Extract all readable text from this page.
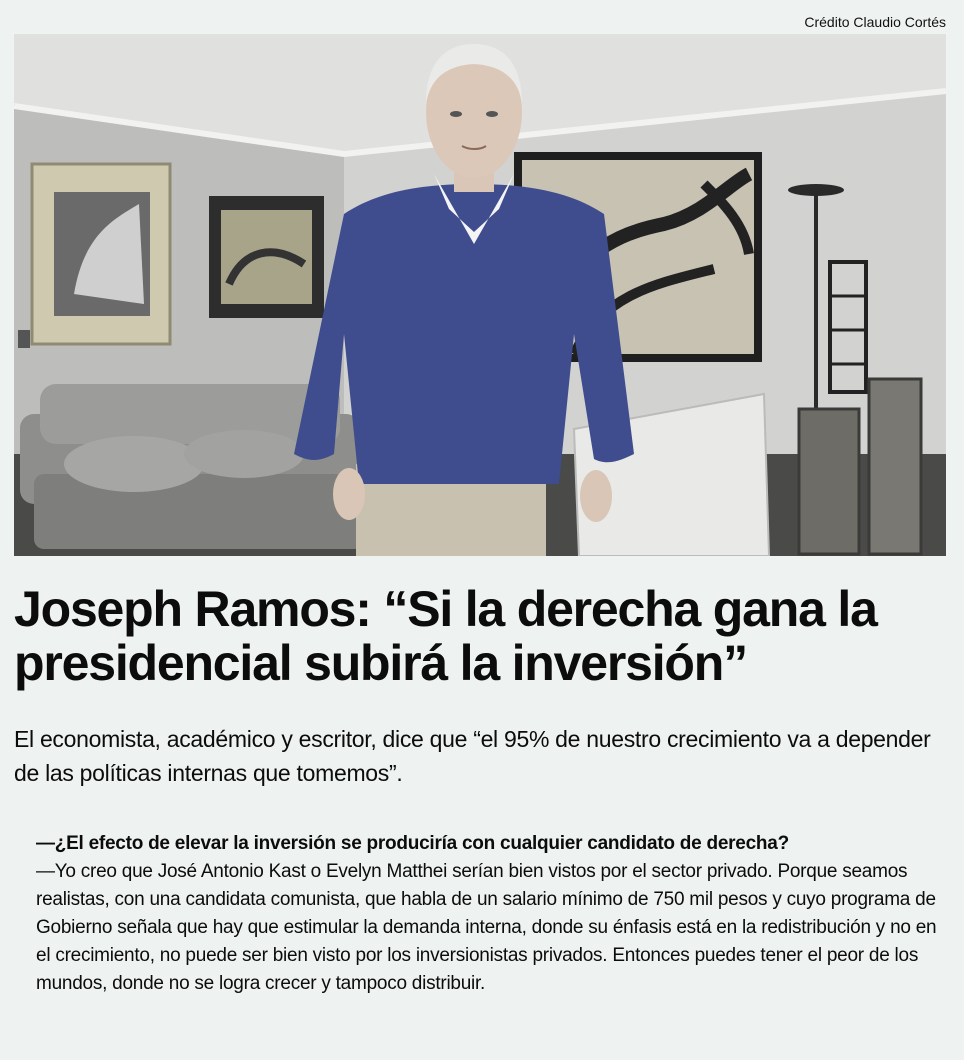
Crédito Claudio Cortés
Joseph Ramos: “Si la derecha gana la presidencial subirá la inversión”

El economista, académico y escritor, dice que “el 95% de nuestro crecimiento va a depender de las políticas internas que tomemos”.

—¿El efecto de elevar la inversión se produciría con cualquier candidato de derecha?
—Yo creo que José Antonio Kast o Evelyn Matthei serían bien vistos por el sector privado. Porque seamos realistas, con una candidata comunista, que habla de un salario mínimo de 750 mil pesos y cuyo programa de Gobierno señala que hay que estimular la demanda interna, donde su énfasis está en la redistribución y no en el crecimiento, no puede ser bien visto por los inversionistas privados. Entonces puedes tener el peor de los mundos, donde no se logra crecer y tampoco distribuir.
